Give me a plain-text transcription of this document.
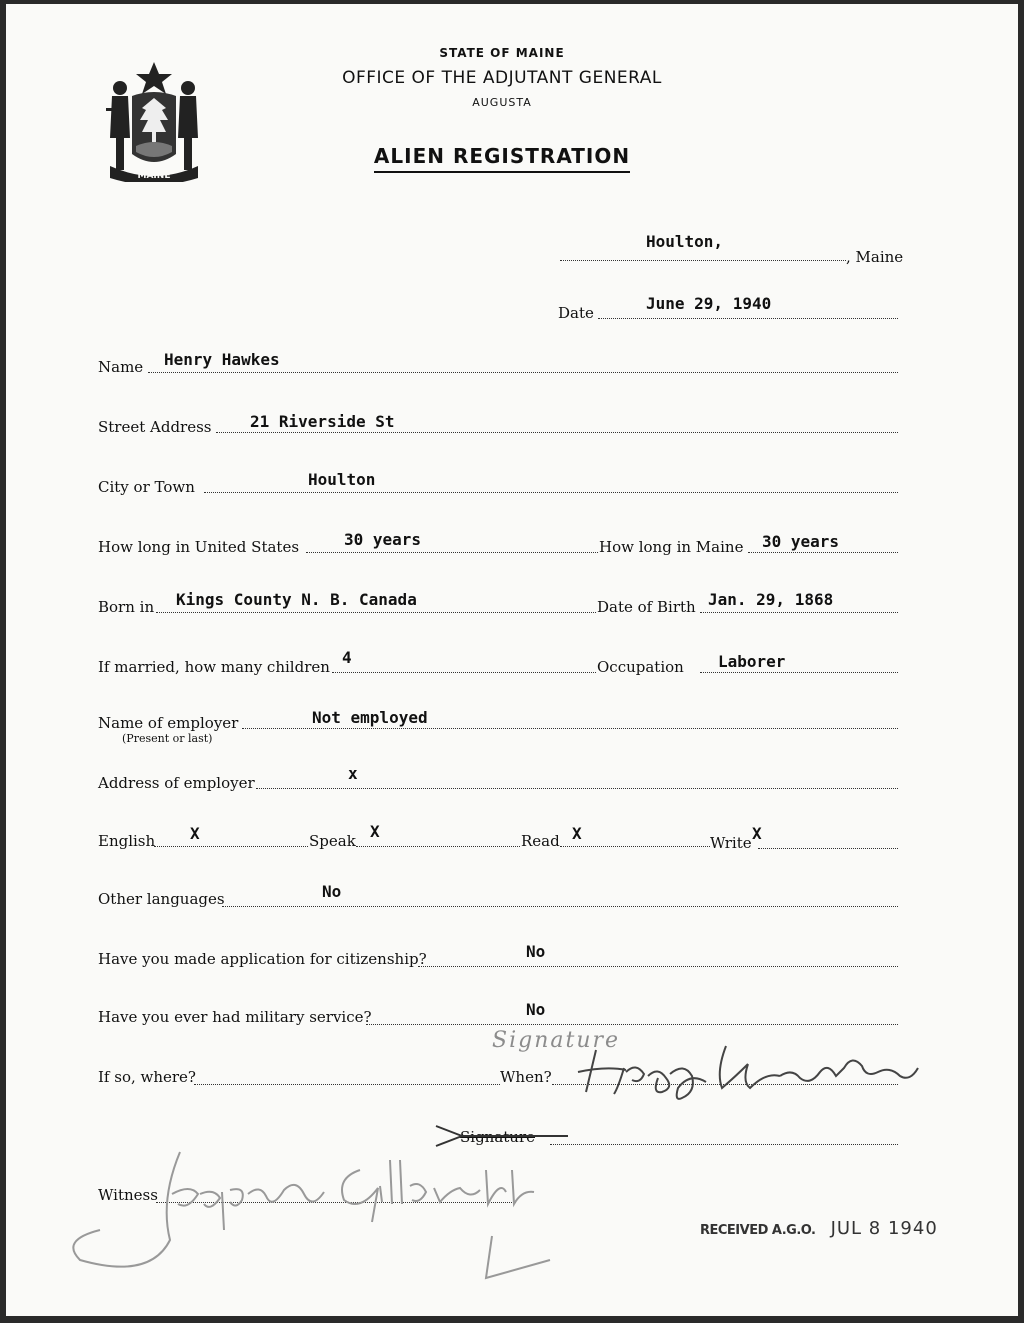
MAINE
STATE OF MAINE
OFFICE OF THE ADJUTANT GENERAL
AUGUSTA
ALIEN REGISTRATION
Houlton,
, Maine
Date	June 29, 1940
Name Henry Hawkes
Street Address 21 Riverside St
City or Town	Houlton
How long in United States	30 years	How long in Maine 30 years
Born in Kings County N. B. Canada	Date of Birth Jan. 29, 1868
If married, how many children 4	Occupation Laborer
Name of employer
(Present or last)
Not employed
Address of employer	x
English X	Speak X	Read X	Write X
Other languages	No
Have you made application for citizenship?	No
Have you ever had military service?	No
If so, where?	When?
Signature
Signature
Witness
RECEIVED A.G.O. JUL 8 1940
